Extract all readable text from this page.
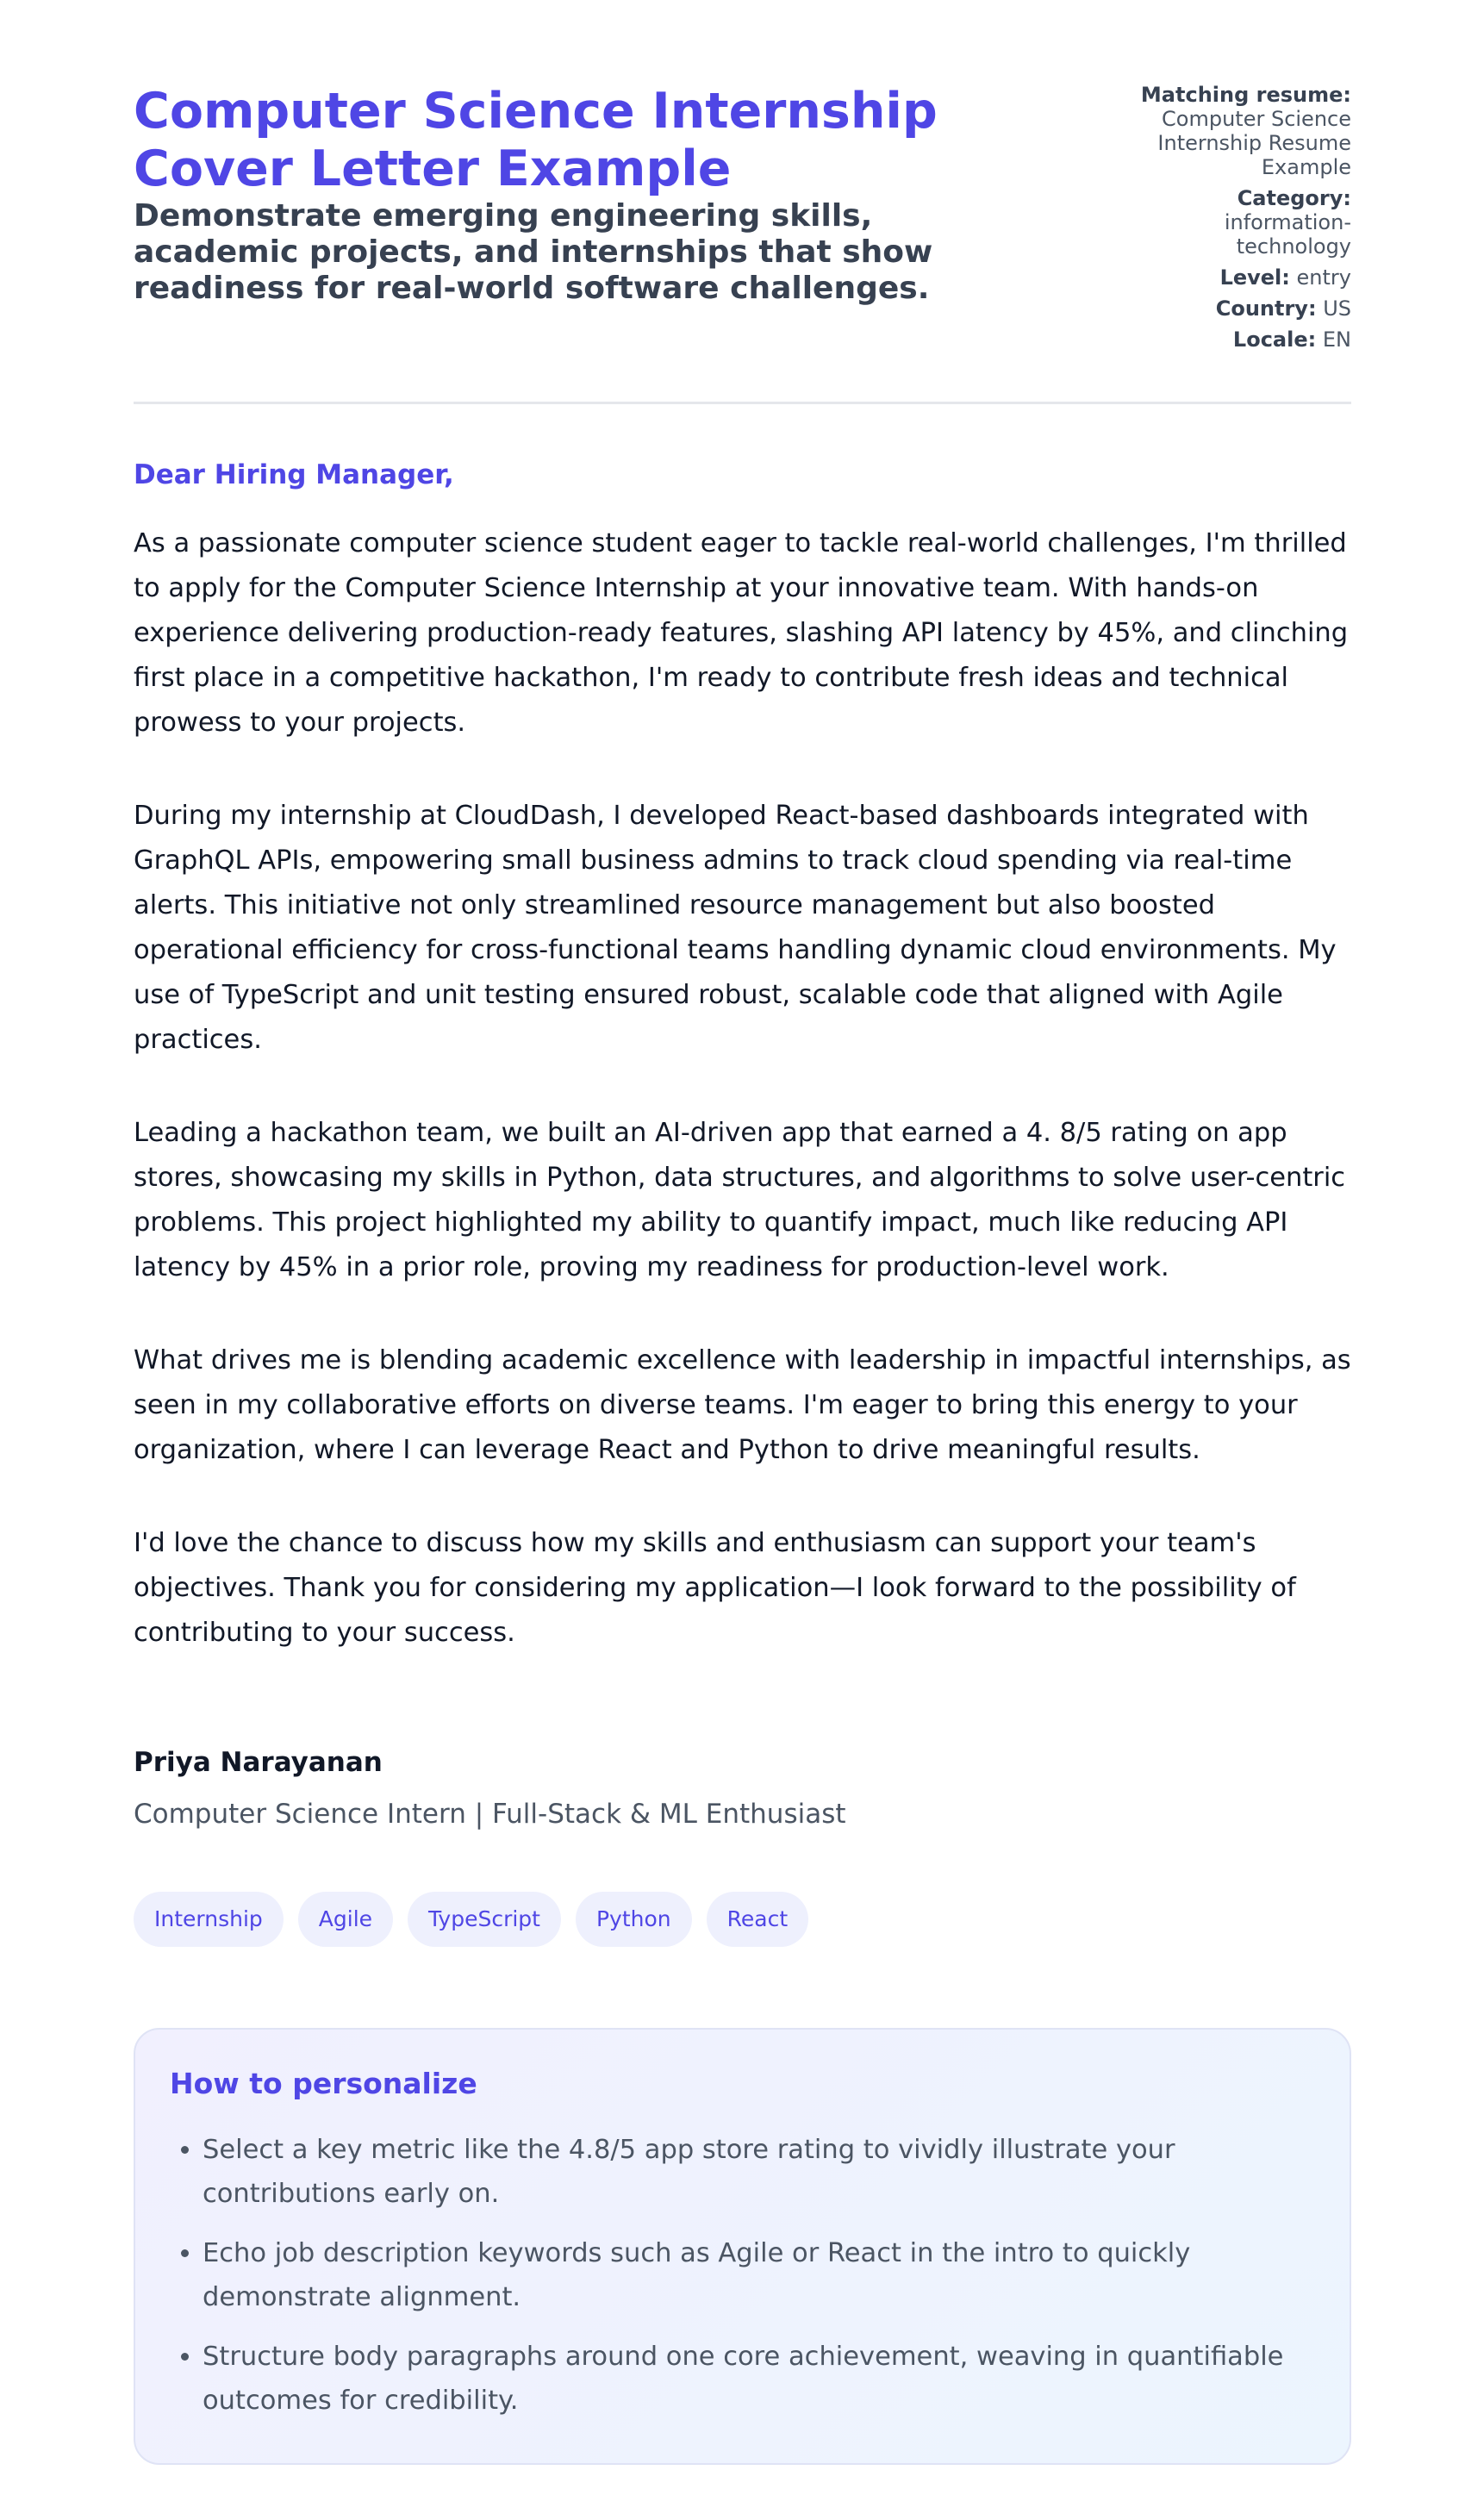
Computer Science Internship Cover Letter Example

Demonstrate emerging engineering skills, academic projects, and internships that show readiness for real-world software challenges.

Matching resume:
Computer Science Internship Resume Example
Category: information-technology
Level: entry
Country: US
Locale: EN
Dear Hiring Manager,

As a passionate computer science student eager to tackle real-world challenges, I'm thrilled to apply for the Computer Science Internship at your innovative team. With hands-on experience delivering production-ready features, slashing API latency by 45%, and clinching first place in a competitive hackathon, I'm ready to contribute fresh ideas and technical prowess to your projects.

During my internship at CloudDash, I developed React-based dashboards integrated with GraphQL APIs, empowering small business admins to track cloud spending via real-time alerts. This initiative not only streamlined resource management but also boosted operational efficiency for cross-functional teams handling dynamic cloud environments. My use of TypeScript and unit testing ensured robust, scalable code that aligned with Agile practices.

Leading a hackathon team, we built an AI-driven app that earned a 4. 8/5 rating on app stores, showcasing my skills in Python, data structures, and algorithms to solve user-centric problems. This project highlighted my ability to quantify impact, much like reducing API latency by 45% in a prior role, proving my readiness for production-level work.

What drives me is blending academic excellence with leadership in impactful internships, as seen in my collaborative efforts on diverse teams. I'm eager to bring this energy to your organization, where I can leverage React and Python to drive meaningful results.

I'd love the chance to discuss how my skills and enthusiasm can support your team's objectives. Thank you for considering my application—I look forward to the possibility of contributing to your success.

Priya Narayanan
Computer Science Intern | Full-Stack & ML Enthusiast
Internship	Agile	TypeScript	Python	React
How to personalize
• Select a key metric like the 4.8/5 app store rating to vividly illustrate your contributions early on.
• Echo job description keywords such as Agile or React in the intro to quickly demonstrate alignment.
• Structure body paragraphs around one core achievement, weaving in quantifiable outcomes for credibility.
